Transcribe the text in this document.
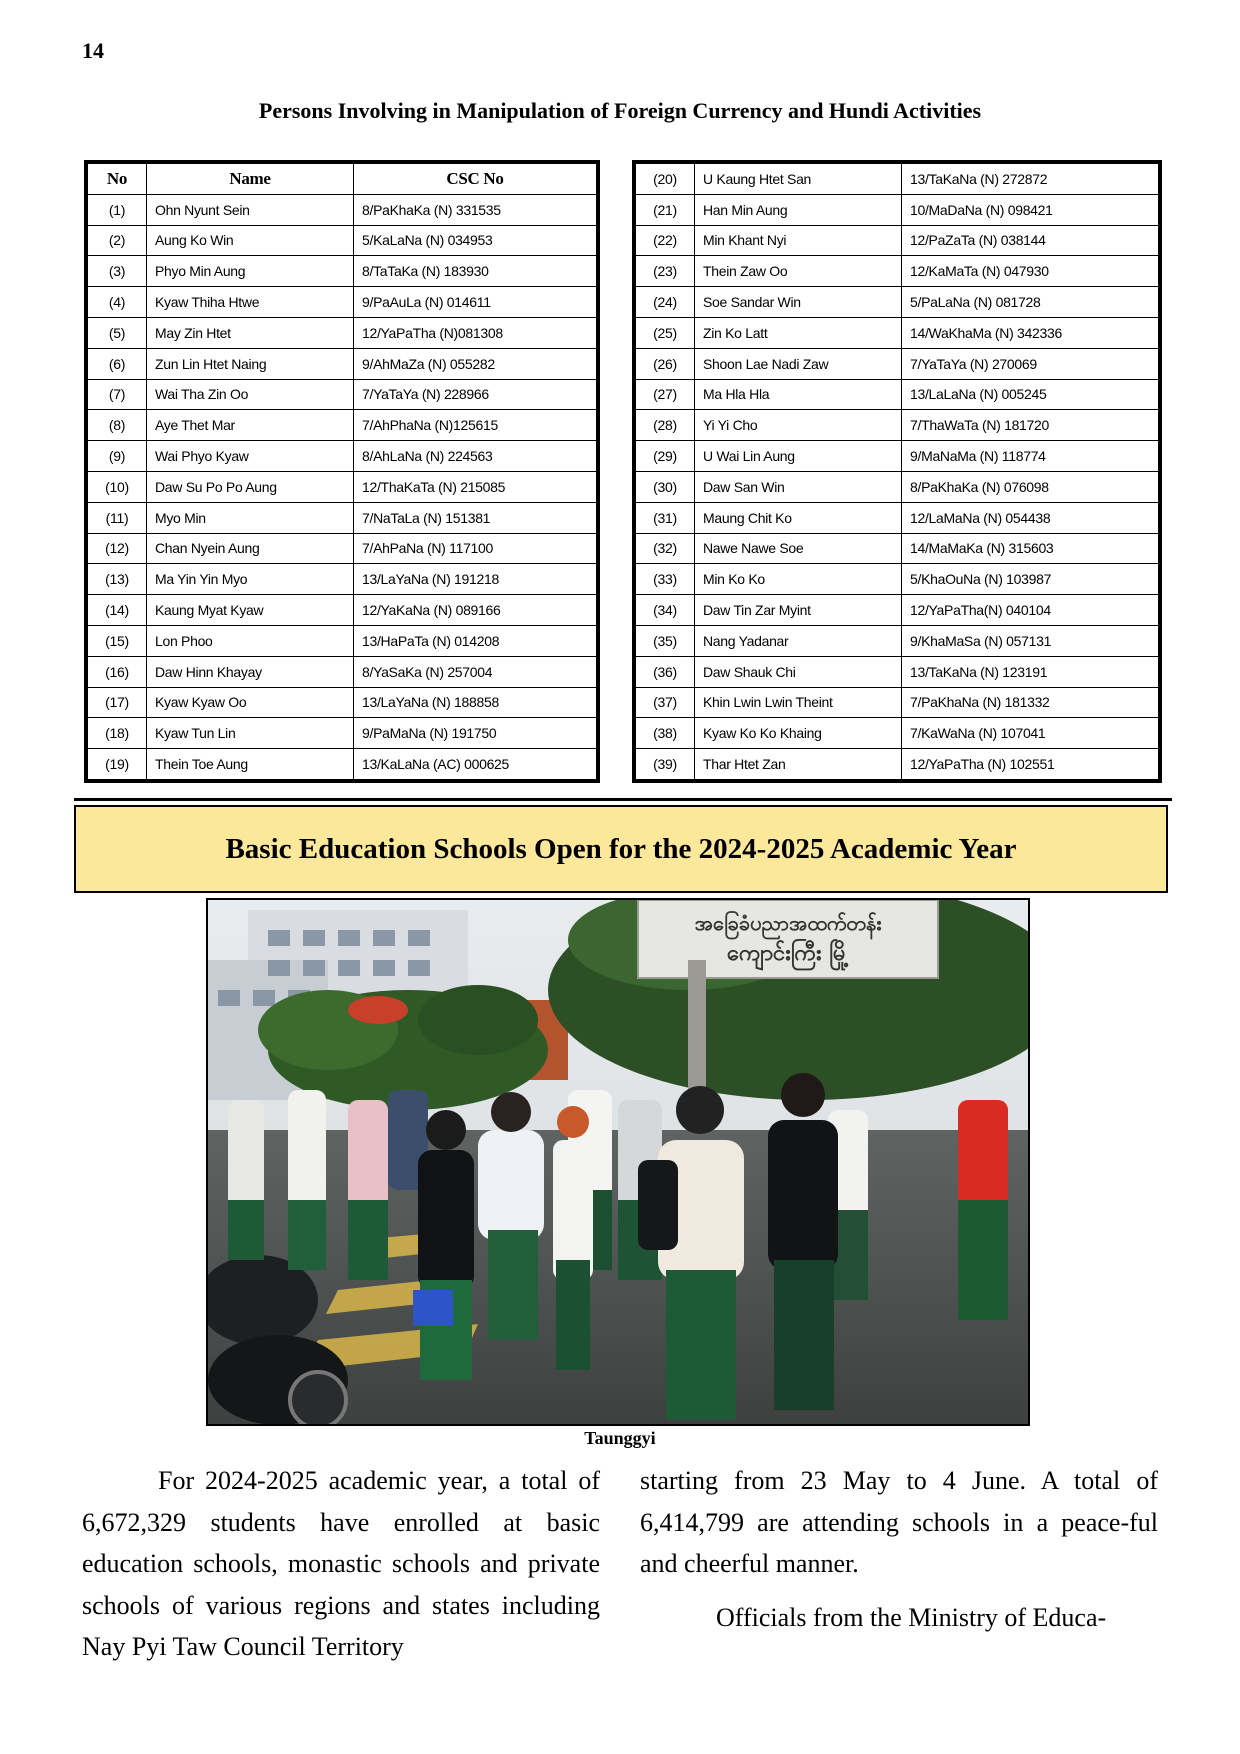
14
Persons Involving in Manipulation of Foreign Currency and Hundi Activities
No	Name	CSC No
(1)	Ohn Nyunt Sein	8/PaKhaKa (N) 331535
(2)	Aung Ko Win	5/KaLaNa (N) 034953
(3)	Phyo Min Aung	8/TaTaKa (N) 183930
(4)	Kyaw Thiha Htwe	9/PaAuLa (N) 014611
(5)	May Zin Htet	12/YaPaTha (N)081308
(6)	Zun Lin Htet Naing	9/AhMaZa (N) 055282
(7)	Wai Tha Zin Oo	7/YaTaYa (N) 228966
(8)	Aye Thet Mar	7/AhPhaNa (N)125615
(9)	Wai Phyo Kyaw	8/AhLaNa (N) 224563
(10)	Daw Su Po Po Aung	12/ThaKaTa (N) 215085
(11)	Myo Min	7/NaTaLa (N) 151381
(12)	Chan Nyein Aung	7/AhPaNa (N) 117100
(13)	Ma Yin Yin Myo	13/LaYaNa (N) 191218
(14)	Kaung Myat Kyaw	12/YaKaNa (N) 089166
(15)	Lon Phoo	13/HaPaTa (N) 014208
(16)	Daw Hinn Khayay	8/YaSaKa (N) 257004
(17)	Kyaw Kyaw Oo	13/LaYaNa (N) 188858
(18)	Kyaw Tun Lin	9/PaMaNa (N) 191750
(19)	Thein Toe Aung	13/KaLaNa (AC) 000625
(20)	U Kaung Htet San	13/TaKaNa (N) 272872
(21)	Han Min Aung	10/MaDaNa (N) 098421
(22)	Min Khant Nyi	12/PaZaTa (N) 038144
(23)	Thein Zaw Oo	12/KaMaTa (N) 047930
(24)	Soe Sandar Win	5/PaLaNa (N) 081728
(25)	Zin Ko Latt	14/WaKhaMa (N) 342336
(26)	Shoon Lae Nadi Zaw	7/YaTaYa (N) 270069
(27)	Ma Hla Hla	13/LaLaNa (N) 005245
(28)	Yi Yi Cho	7/ThaWaTa (N) 181720
(29)	U Wai Lin Aung	9/MaNaMa (N) 118774
(30)	Daw San Win	8/PaKhaKa (N) 076098
(31)	Maung Chit Ko	12/LaMaNa (N) 054438
(32)	Nawe Nawe Soe	14/MaMaKa (N) 315603
(33)	Min Ko Ko	5/KhaOuNa (N) 103987
(34)	Daw Tin Zar Myint	12/YaPaTha(N) 040104
(35)	Nang Yadanar	9/KhaMaSa (N) 057131
(36)	Daw Shauk Chi	13/TaKaNa (N) 123191
(37)	Khin Lwin Lwin Theint	7/PaKhaNa (N) 181332
(38)	Kyaw Ko Ko Khaing	7/KaWaNa (N) 107041
(39)	Thar Htet Zan	12/YaPaTha (N) 102551
Basic Education Schools Open for the 2024-2025 Academic Year
အခြေခံပညာအထက်တန်း
ကျောင်းကြီး မြို့
Taunggyi

For 2024-2025 academic year, a total of 6,672,329 students have enrolled at basic education schools, monastic schools and private schools of various regions and states including Nay Pyi Taw Council Territory

starting from 23 May to 4 June. A total of 6,414,799 are attending schools in a peace-ful and cheerful manner.

Officials from the Ministry of Educa-
